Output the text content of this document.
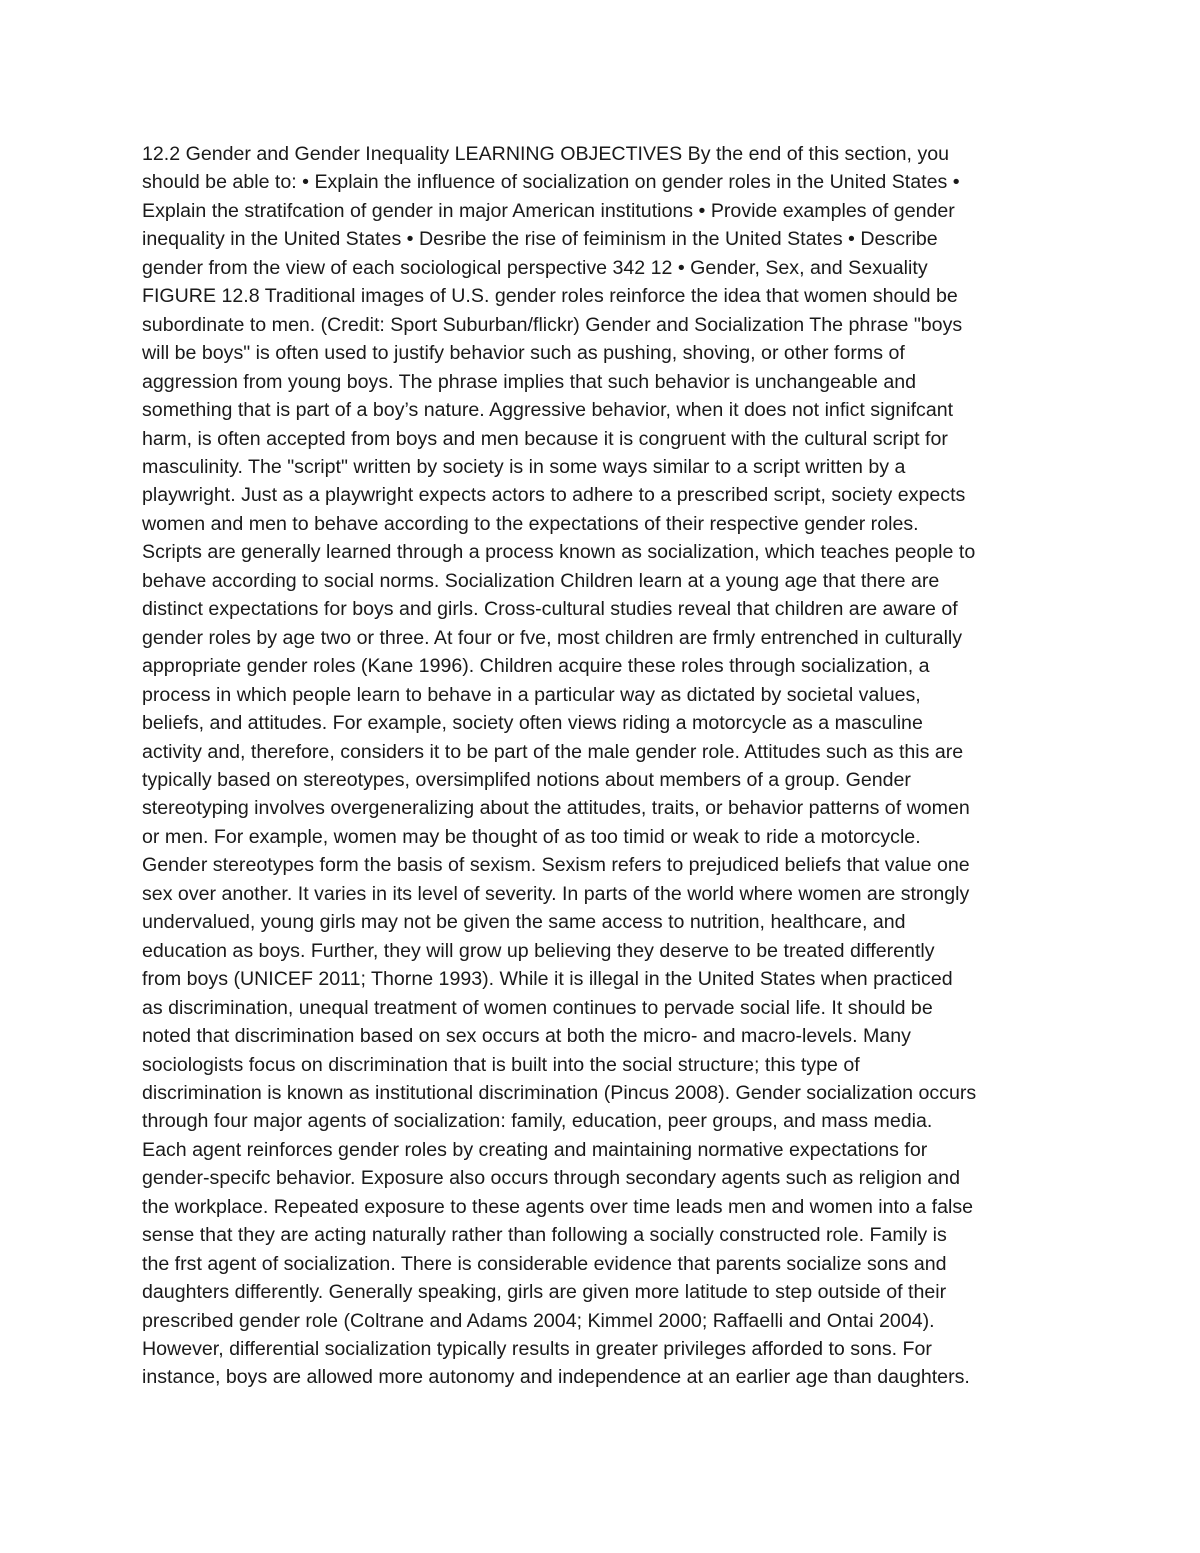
12.2 Gender and Gender Inequality LEARNING OBJECTIVES By the end of this section, you
should be able to: • Explain the influence of socialization on gender roles in the United States •
Explain the stratifcation of gender in major American institutions • Provide examples of gender
inequality in the United States • Desribe the rise of feiminism in the United States • Describe
gender from the view of each sociological perspective 342 12 • Gender, Sex, and Sexuality
FIGURE 12.8 Traditional images of U.S. gender roles reinforce the idea that women should be
subordinate to men. (Credit: Sport Suburban/flickr) Gender and Socialization The phrase "boys
will be boys" is often used to justify behavior such as pushing, shoving, or other forms of
aggression from young boys. The phrase implies that such behavior is unchangeable and
something that is part of a boy’s nature. Aggressive behavior, when it does not infict signifcant
harm, is often accepted from boys and men because it is congruent with the cultural script for
masculinity. The "script" written by society is in some ways similar to a script written by a
playwright. Just as a playwright expects actors to adhere to a prescribed script, society expects
women and men to behave according to the expectations of their respective gender roles.
Scripts are generally learned through a process known as socialization, which teaches people to
behave according to social norms. Socialization Children learn at a young age that there are
distinct expectations for boys and girls. Cross-cultural studies reveal that children are aware of
gender roles by age two or three. At four or fve, most children are frmly entrenched in culturally
appropriate gender roles (Kane 1996). Children acquire these roles through socialization, a
process in which people learn to behave in a particular way as dictated by societal values,
beliefs, and attitudes. For example, society often views riding a motorcycle as a masculine
activity and, therefore, considers it to be part of the male gender role. Attitudes such as this are
typically based on stereotypes, oversimplifed notions about members of a group. Gender
stereotyping involves overgeneralizing about the attitudes, traits, or behavior patterns of women
or men. For example, women may be thought of as too timid or weak to ride a motorcycle.
Gender stereotypes form the basis of sexism. Sexism refers to prejudiced beliefs that value one
sex over another. It varies in its level of severity. In parts of the world where women are strongly
undervalued, young girls may not be given the same access to nutrition, healthcare, and
education as boys. Further, they will grow up believing they deserve to be treated differently
from boys (UNICEF 2011; Thorne 1993). While it is illegal in the United States when practiced
as discrimination, unequal treatment of women continues to pervade social life. It should be
noted that discrimination based on sex occurs at both the micro- and macro-levels. Many
sociologists focus on discrimination that is built into the social structure; this type of
discrimination is known as institutional discrimination (Pincus 2008). Gender socialization occurs
through four major agents of socialization: family, education, peer groups, and mass media.
Each agent reinforces gender roles by creating and maintaining normative expectations for
gender-specifc behavior. Exposure also occurs through secondary agents such as religion and
the workplace. Repeated exposure to these agents over time leads men and women into a false
sense that they are acting naturally rather than following a socially constructed role. Family is
the frst agent of socialization. There is considerable evidence that parents socialize sons and
daughters differently. Generally speaking, girls are given more latitude to step outside of their
prescribed gender role (Coltrane and Adams 2004; Kimmel 2000; Raffaelli and Ontai 2004).
However, differential socialization typically results in greater privileges afforded to sons. For
instance, boys are allowed more autonomy and independence at an earlier age than daughters.
